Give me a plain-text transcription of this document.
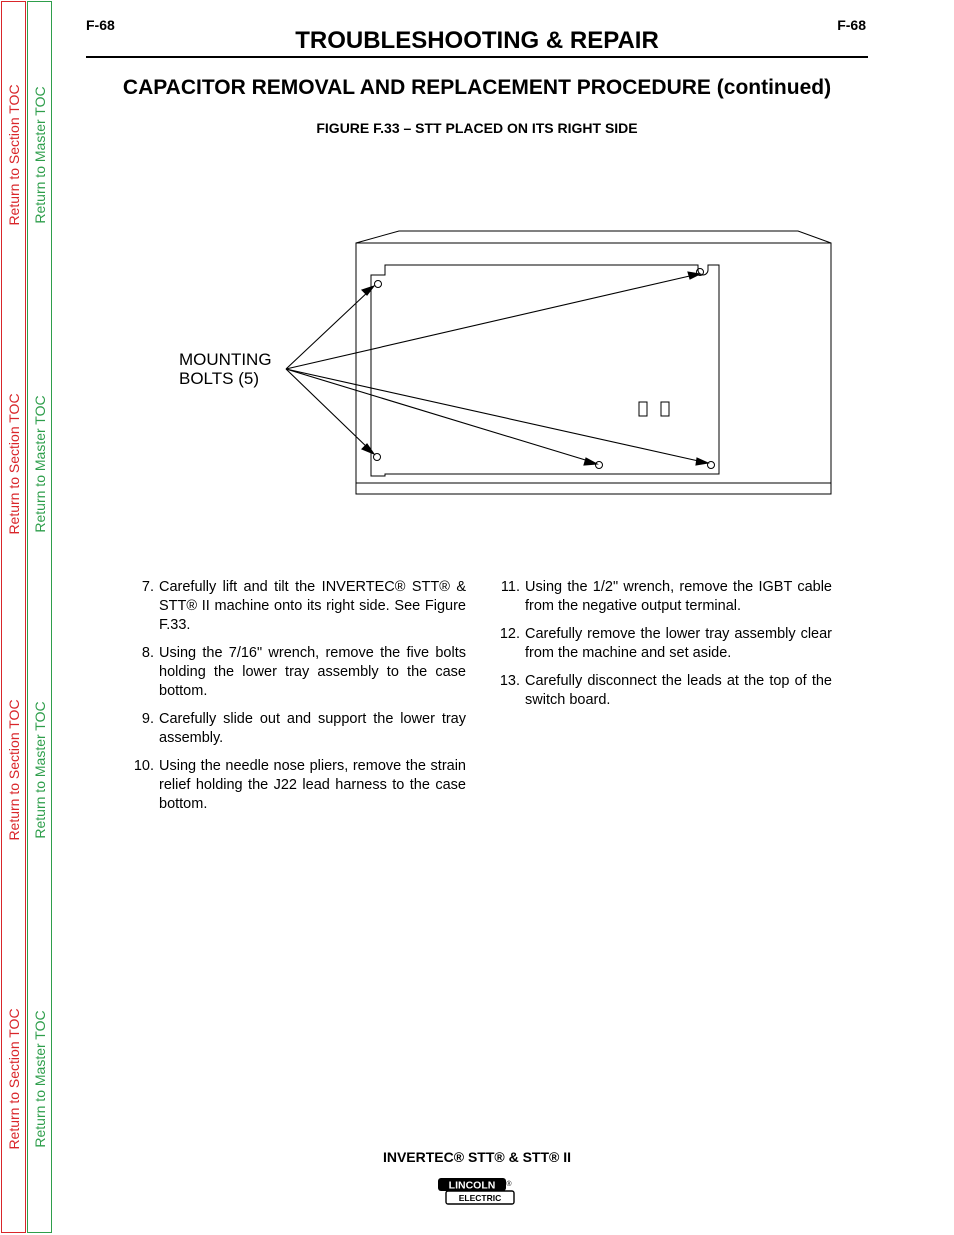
Return to Section TOC
Return to Section TOC
Return to Section TOC
Return to Section TOC
Return to Master TOC
Return to Master TOC
Return to Master TOC
Return to Master TOC
F-68	F-68
TROUBLESHOOTING & REPAIR
CAPACITOR REMOVAL AND REPLACEMENT PROCEDURE (continued)
FIGURE F.33 – STT PLACED ON ITS RIGHT SIDE
MOUNTING
BOLTS (5)
7. Carefully lift and tilt the INVERTEC® STT® & STT® II machine onto its right side. See Figure F.33.
8. Using the 7/16" wrench, remove the five bolts holding the lower tray assembly to the case bottom.
9. Carefully slide out and support the lower tray assembly.
10. Using the needle nose pliers, remove the strain relief holding the J22 lead harness to the case bottom.
11. Using the 1/2" wrench, remove the IGBT cable from the negative output terminal.
12. Carefully remove the lower tray assembly clear from the machine and set aside.
13. Carefully disconnect the leads at the top of the switch board.
INVERTEC® STT® & STT® II
LINCOLN
ELECTRIC
®
